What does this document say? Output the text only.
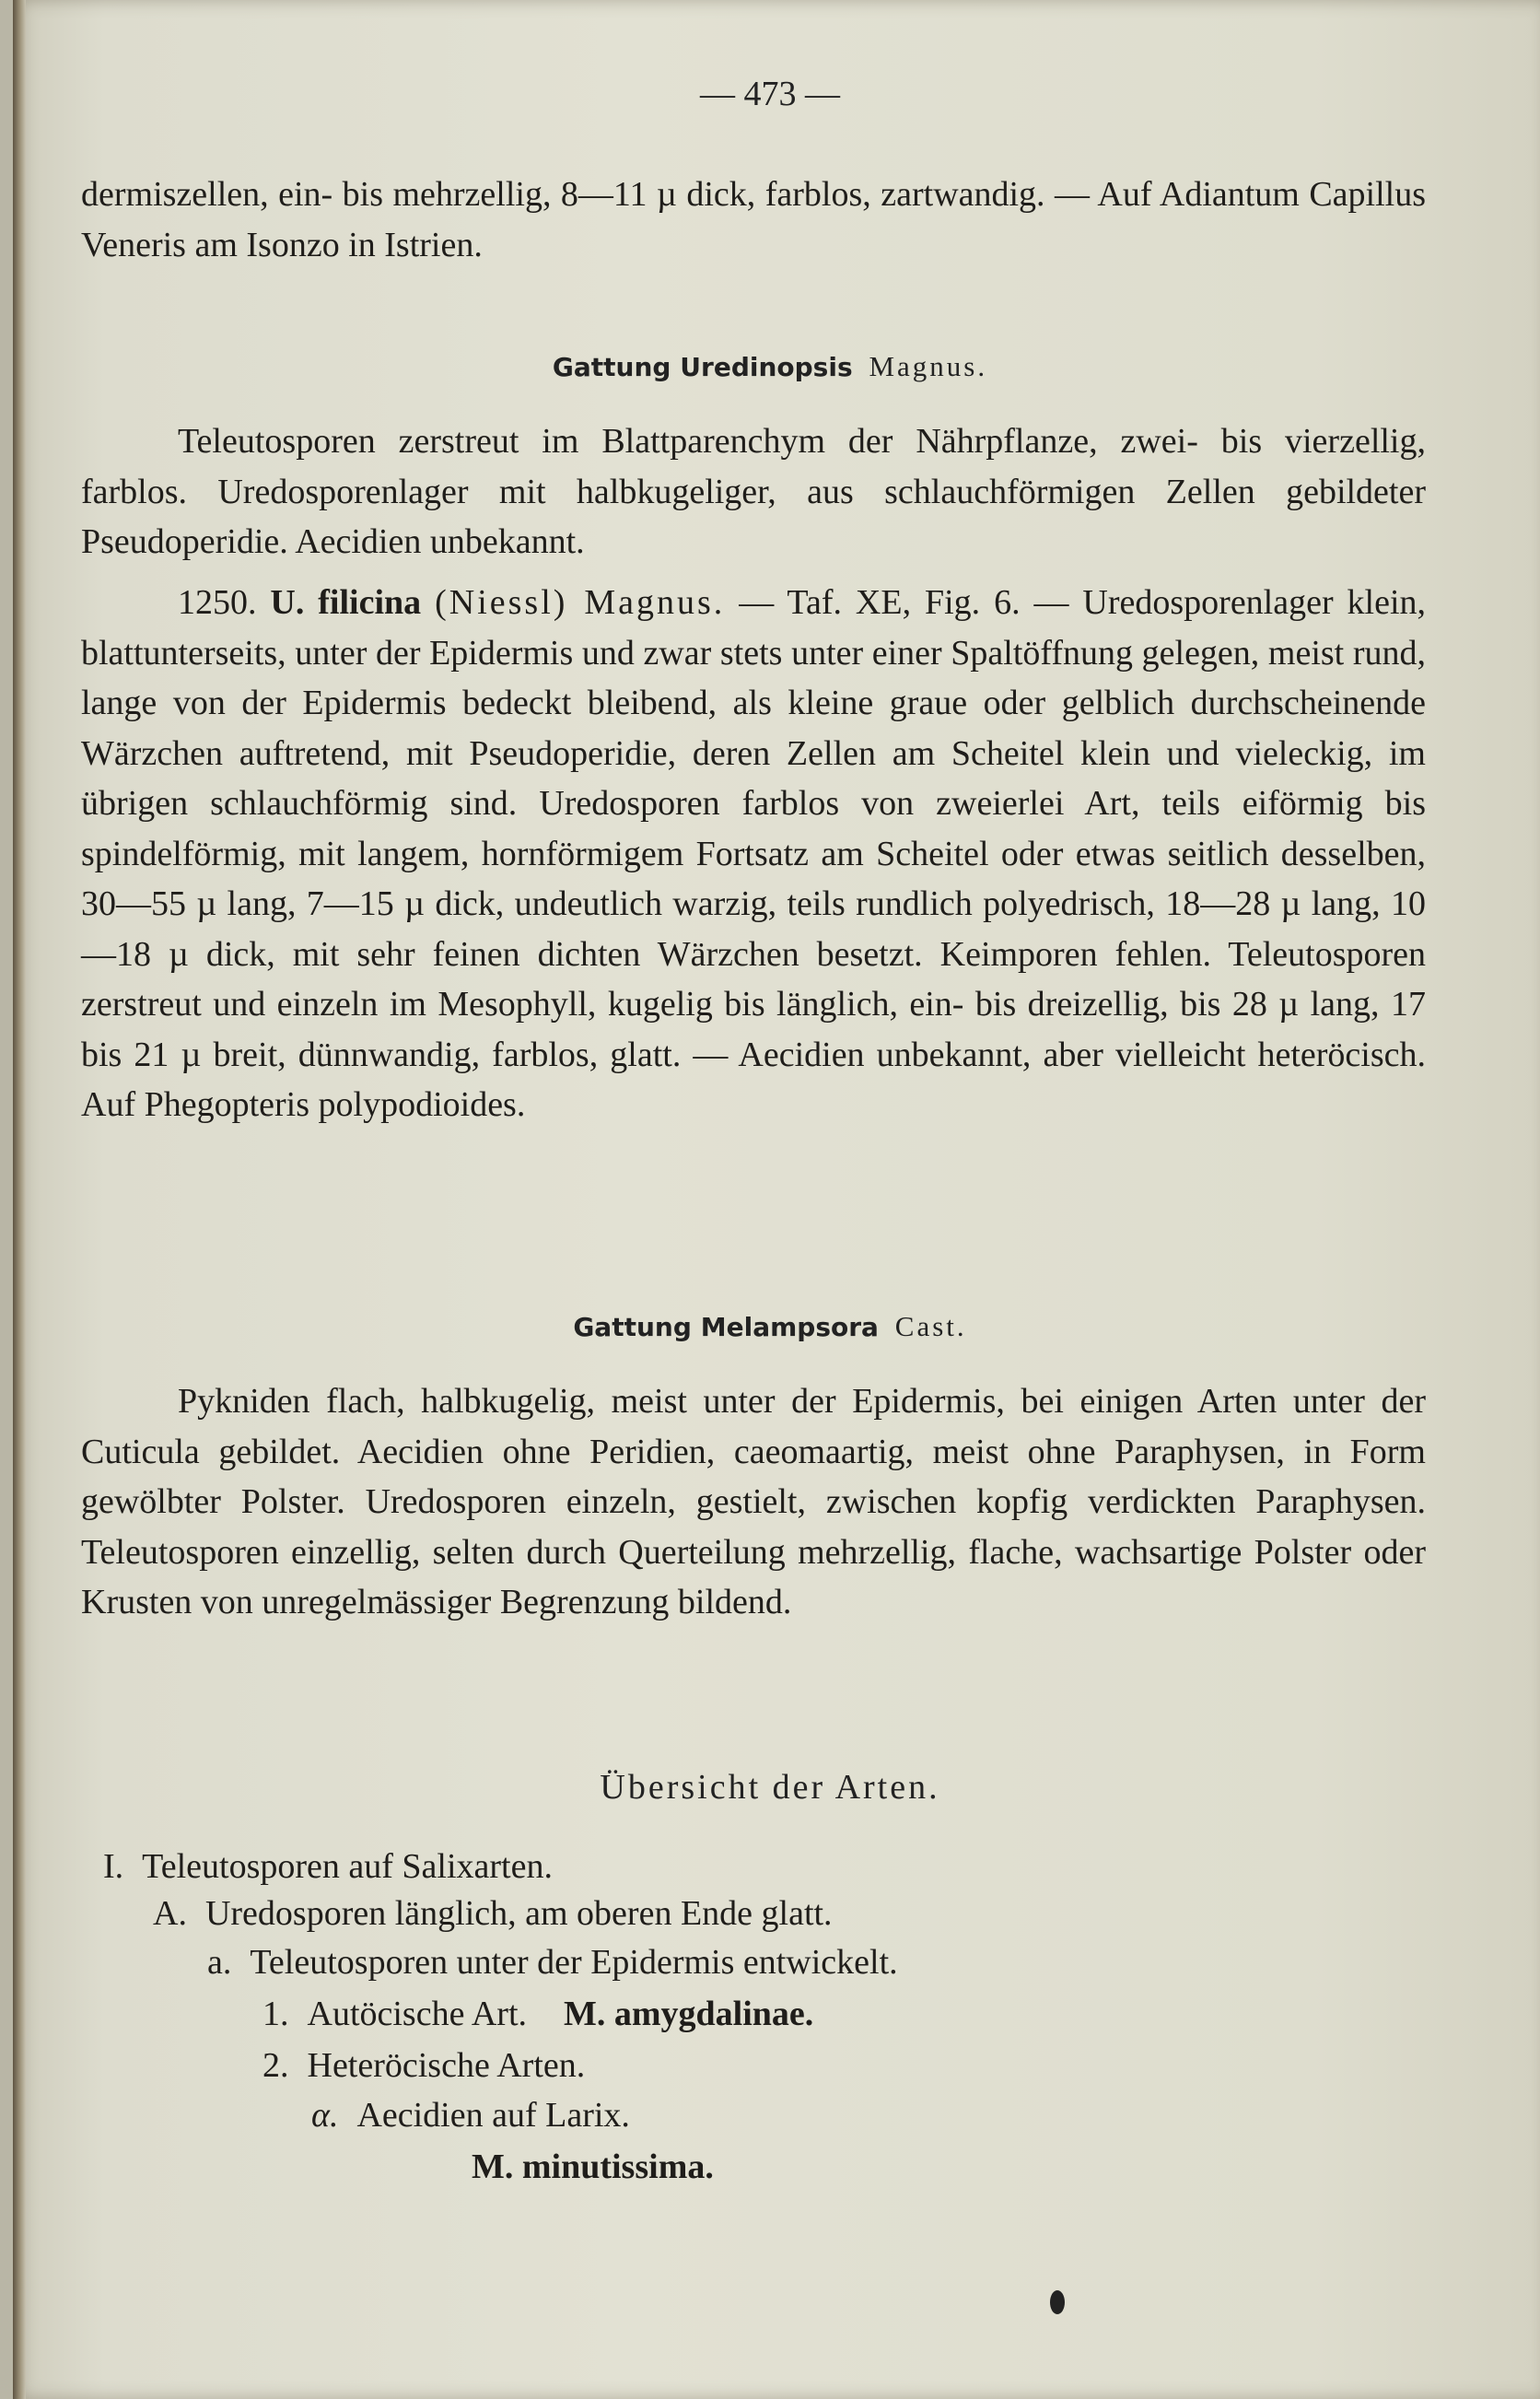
— 473 —

dermiszellen, ein- bis mehrzellig, 8—11 µ dick, farblos, zartwandig. — Auf Adiantum Capillus Veneris am Isonzo in Istrien.

Gattung Uredinopsis Magnus.

Teleutosporen zerstreut im Blattparenchym der Nährpflanze, zwei- bis vierzellig, farblos. Uredosporenlager mit halbkugeliger, aus schlauchförmigen Zellen gebildeter Pseudoperidie. Aecidien unbekannt.

1250. U. filicina (Niessl) Magnus. — Taf. XE, Fig. 6. — Uredosporenlager klein, blattunterseits, unter der Epidermis und zwar stets unter einer Spaltöffnung gelegen, meist rund, lange von der Epidermis bedeckt bleibend, als kleine graue oder gelblich durchscheinende Wärzchen auftretend, mit Pseudoperidie, deren Zellen am Scheitel klein und vieleckig, im übrigen schlauchförmig sind. Uredosporen farblos von zweierlei Art, teils eiförmig bis spindelförmig, mit langem, hornförmigem Fortsatz am Scheitel oder etwas seitlich desselben, 30—55 µ lang, 7—15 µ dick, undeutlich warzig, teils rundlich polyedrisch, 18—28 µ lang, 10—18 µ dick, mit sehr feinen dichten Wärzchen besetzt. Keimporen fehlen. Teleutosporen zerstreut und einzeln im Mesophyll, kugelig bis länglich, ein- bis dreizellig, bis 28 µ lang, 17 bis 21 µ breit, dünnwandig, farblos, glatt. — Aecidien unbekannt, aber vielleicht heteröcisch. Auf Phegopteris polypodioides.

Gattung Melampsora Cast.

Pykniden flach, halbkugelig, meist unter der Epidermis, bei einigen Arten unter der Cuticula gebildet. Aecidien ohne Peridien, caeomaartig, meist ohne Paraphysen, in Form gewölbter Polster. Uredosporen einzeln, gestielt, zwischen kopfig verdickten Paraphysen. Teleutosporen einzellig, selten durch Querteilung mehrzellig, flache, wachsartige Polster oder Krusten von unregelmässiger Begrenzung bildend.

Übersicht der Arten.
I. Teleutosporen auf Salixarten.
A. Uredosporen länglich, am oberen Ende glatt.
a. Teleutosporen unter der Epidermis entwickelt.
1. Autöcische Art. M. amygdalinae.
2. Heteröcische Arten.
α. Aecidien auf Larix.
M. minutissima.
